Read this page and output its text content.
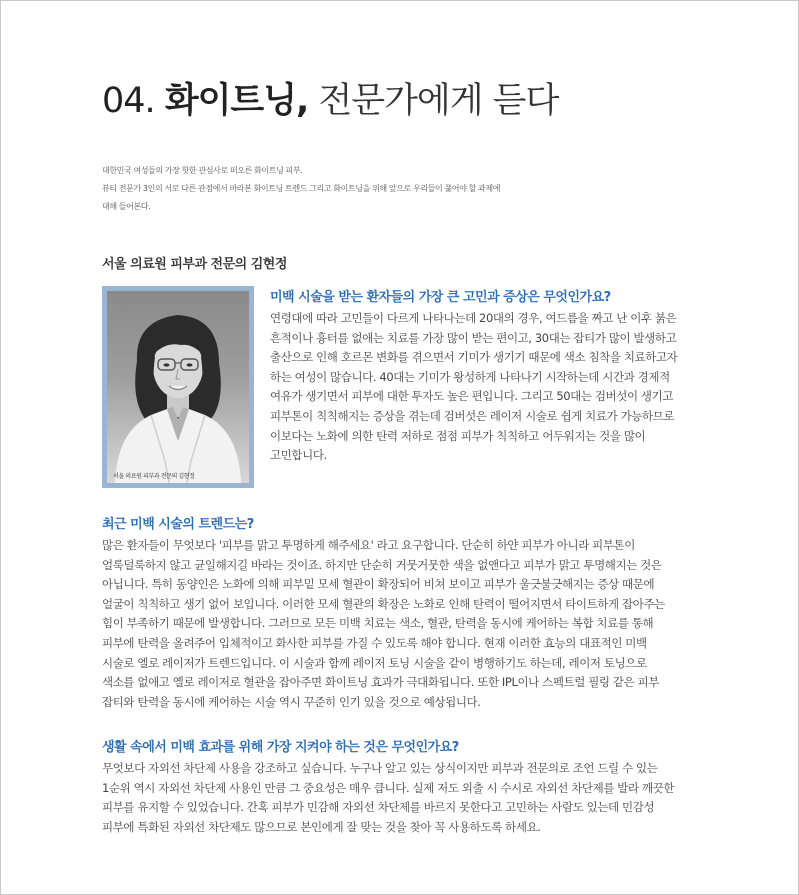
04. 화이트닝, 전문가에게 듣다

대한민국 여성들의 가장 핫한 관심사로 떠오른 화이트닝 피부.

뷰티 전문가 3인의 서로 다른 관점에서 바라본 화이트닝 트렌드 그리고 화이트닝을 위해 앞으로 우리들이 풀어야 할 과제에

대해 들어본다.

서울 의료원 피부과 전문의 김현정
서울 의료원 피부과 전문의 김현정
미백 시술을 받는 환자들의 가장 큰 고민과 증상은 무엇인가요?

연령대에 따라 고민들이 다르게 나타나는데 20대의 경우, 여드름을 짜고 난 이후 붉은

흔적이나 흉터를 없애는 치료를 가장 많이 받는 편이고, 30대는 잡티가 많이 발생하고

출산으로 인해 호르몬 변화를 겪으면서 기미가 생기기 때문에 색소 침착을 치료하고자

하는 여성이 많습니다. 40대는 기미가 왕성하게 나타나기 시작하는데 시간과 경제적

여유가 생기면서 피부에 대한 투자도 높은 편입니다. 그리고 50대는 검버섯이 생기고

피부톤이 칙칙해지는 증상을 겪는데 검버섯은 레이저 시술로 쉽게 치료가 가능하므로

이보다는 노화에 의한 탄력 저하로 점점 피부가 칙칙하고 어두워지는 것을 많이

고민합니다.

최근 미백 시술의 트렌드는?

많은 환자들이 무엇보다 '피부를 맑고 투명하게 해주세요' 라고 요구합니다. 단순히 하얀 피부가 아니라 피부톤이

얼룩덜룩하지 않고 균일해지길 바라는 것이죠. 하지만 단순히 거뭇거뭇한 색을 없앤다고 피부가 맑고 투명해지는 것은

아닙니다. 특히 동양인은 노화에 의해 피부밑 모세 혈관이 확장되어 비쳐 보이고 피부가 울긋불긋해지는 증상 때문에

얼굴이 칙칙하고 생기 없어 보입니다. 이러한 모세 혈관의 확장은 노화로 인해 탄력이 떨어지면서 타이트하게 잡아주는

힘이 부족하기 때문에 발생합니다. 그러므로 모든 미백 치료는 색소, 혈관, 탄력을 동시에 케어하는 복합 치료를 통해

피부에 탄력을 올려주어 입체적이고 화사한 피부를 가질 수 있도록 해야 합니다. 현재 이러한 효능의 대표적인 미백

시술로 엘로 레이저가 트렌드입니다. 이 시술과 함께 레이저 토닝 시술을 같이 병행하기도 하는데, 레이저 토닝으로

색소를 없애고 옐로 레이저로 혈관을 잡아주면 화이트닝 효과가 극대화됩니다. 또한 IPL이나 스펙트럴 필링 같은 피부

잡티와 탄력을 동시에 케어하는 시술 역시 꾸준히 인기 있을 것으로 예상됩니다.

생활 속에서 미백 효과를 위해 가장 지켜야 하는 것은 무엇인가요?

무엇보다 자외선 차단제 사용을 강조하고 싶습니다. 누구나 알고 있는 상식이지만 피부과 전문의로 조언 드릴 수 있는

1순위 역시 자외선 차단제 사용인 만큼 그 중요성은 매우 큽니다. 실제 저도 외출 시 수시로 자외선 차단제를 발라 깨끗한

피부를 유지할 수 있었습니다. 간혹 피부가 민감해 자외선 차단제를 바르지 못한다고 고민하는 사람도 있는데 민감성

피부에 특화된 자외선 차단제도 많으므로 본인에게 잘 맞는 것을 찾아 꼭 사용하도록 하세요.
